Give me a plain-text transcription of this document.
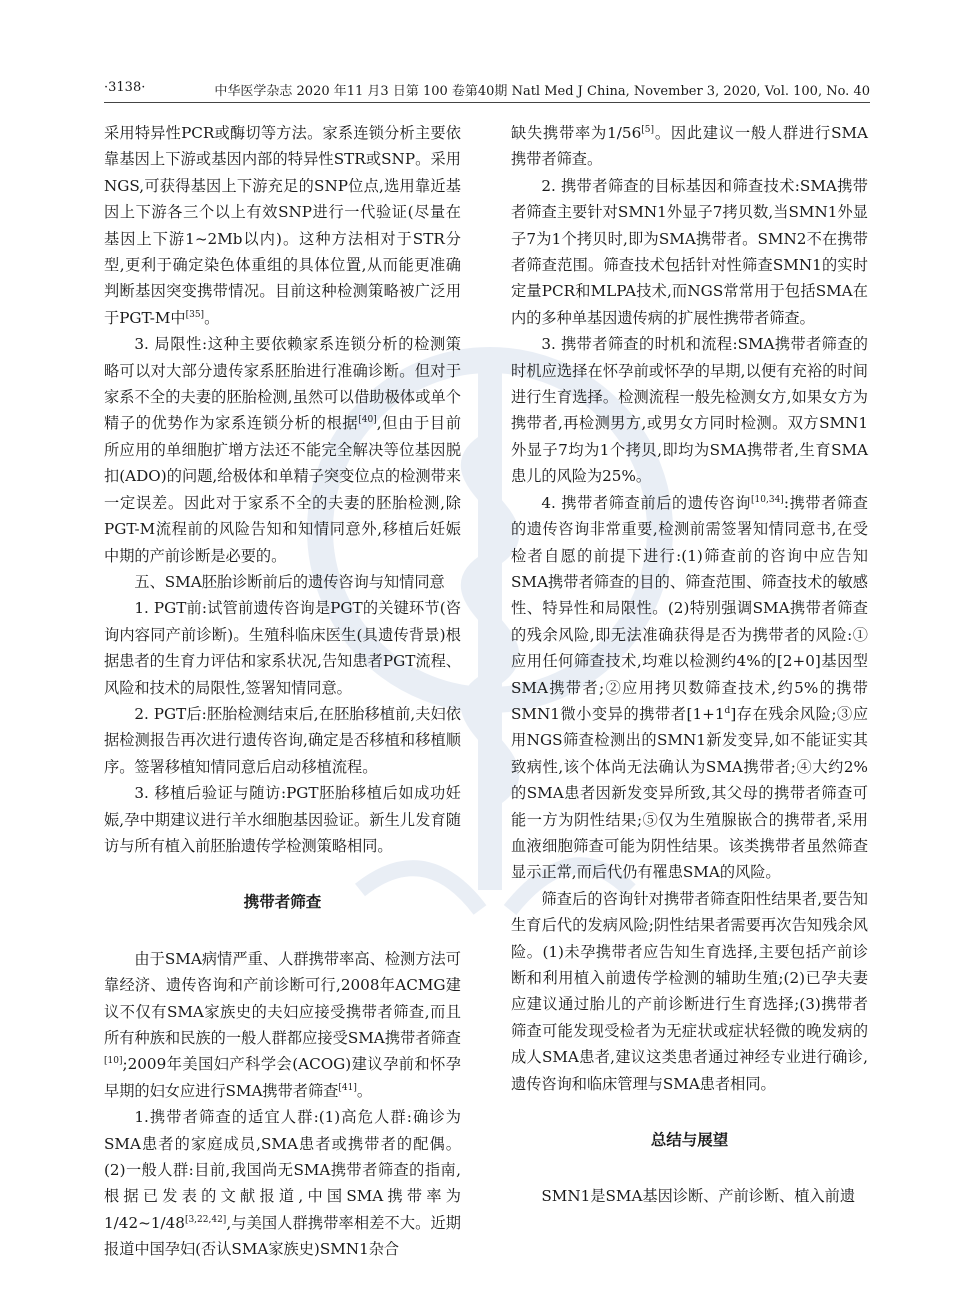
·3138·	中华医学杂志 2020 年11 月3 日第 100 卷第40期 Natl Med J China, November 3, 2020, Vol. 100, No. 40

采用特异性PCR或酶切等方法。家系连锁分析主要依靠基因上下游或基因内部的特异性STR或SNP。采用NGS,可获得基因上下游充足的SNP位点,选用靠近基因上下游各三个以上有效SNP进行一代验证(尽量在基因上下游1~2Mb以内)。这种方法相对于STR分型,更利于确定染色体重组的具体位置,从而能更准确判断基因突变携带情况。目前这种检测策略被广泛用于PGT-M中[35]。

3. 局限性:这种主要依赖家系连锁分析的检测策略可以对大部分遗传家系胚胎进行准确诊断。但对于家系不全的夫妻的胚胎检测,虽然可以借助极体或单个精子的优势作为家系连锁分析的根据[40],但由于目前所应用的单细胞扩增方法还不能完全解决等位基因脱扣(ADO)的问题,给极体和单精子突变位点的检测带来一定误差。因此对于家系不全的夫妻的胚胎检测,除PGT-M流程前的风险告知和知情同意外,移植后妊娠中期的产前诊断是必要的。

五、SMA胚胎诊断前后的遗传咨询与知情同意

1. PGT前:试管前遗传咨询是PGT的关键环节(咨询内容同产前诊断)。生殖科临床医生(具遗传背景)根据患者的生育力评估和家系状况,告知患者PGT流程、风险和技术的局限性,签署知情同意。

2. PGT后:胚胎检测结束后,在胚胎移植前,夫妇依据检测报告再次进行遗传咨询,确定是否移植和移植顺序。签署移植知情同意后启动移植流程。

3. 移植后验证与随访:PGT胚胎移植后如成功妊娠,孕中期建议进行羊水细胞基因验证。新生儿发育随访与所有植入前胚胎遗传学检测策略相同。

携带者筛查

由于SMA病情严重、人群携带率高、检测方法可靠经济、遗传咨询和产前诊断可行,2008年ACMG建议不仅有SMA家族史的夫妇应接受携带者筛查,而且所有种族和民族的一般人群都应接受SMA携带者筛查[10];2009年美国妇产科学会(ACOG)建议孕前和怀孕早期的妇女应进行SMA携带者筛查[41]。

1.携带者筛查的适宜人群:(1)高危人群:确诊为SMA患者的家庭成员,SMA患者或携带者的配偶。(2)一般人群:目前,我国尚无SMA携带者筛查的指南,根据已发表的文献报道,中国SMA携带率为1/42~1/48[3,22,42],与美国人群携带率相差不大。近期报道中国孕妇(否认SMA家族史)SMN1杂合

缺失携带率为1/56[5]。因此建议一般人群进行SMA携带者筛查。

2. 携带者筛查的目标基因和筛查技术:SMA携带者筛查主要针对SMN1外显子7拷贝数,当SMN1外显子7为1个拷贝时,即为SMA携带者。SMN2不在携带者筛查范围。筛查技术包括针对性筛查SMN1的实时定量PCR和MLPA技术,而NGS常常用于包括SMA在内的多种单基因遗传病的扩展性携带者筛查。

3. 携带者筛查的时机和流程:SMA携带者筛查的时机应选择在怀孕前或怀孕的早期,以便有充裕的时间进行生育选择。检测流程一般先检测女方,如果女方为携带者,再检测男方,或男女方同时检测。双方SMN1外显子7均为1个拷贝,即均为SMA携带者,生育SMA患儿的风险为25%。

4. 携带者筛查前后的遗传咨询[10,34]:携带者筛查的遗传咨询非常重要,检测前需签署知情同意书,在受检者自愿的前提下进行:(1)筛查前的咨询中应告知SMA携带者筛查的目的、筛查范围、筛查技术的敏感性、特异性和局限性。(2)特别强调SMA携带者筛查的残余风险,即无法准确获得是否为携带者的风险:① 应用任何筛查技术,均难以检测约4%的[2+0]基因型SMA携带者;②应用拷贝数筛查技术,约5%的携带SMN1微小变异的携带者$[1+1^d]$存在残余风险;③应用NGS筛查检测出的SMN1新发变异,如不能证实其致病性,该个体尚无法确认为SMA携带者;④大约2%的SMA患者因新发变异所致,其父母的携带者筛查可能一方为阴性结果;⑤仅为生殖腺嵌合的携带者,采用血液细胞筛查可能为阴性结果。该类携带者虽然筛查显示正常,而后代仍有罹患SMA的风险。

筛查后的咨询针对携带者筛查阳性结果者,要告知生育后代的发病风险;阴性结果者需要再次告知残余风险。(1)未孕携带者应告知生育选择,主要包括产前诊断和利用植入前遗传学检测的辅助生殖;(2)已孕夫妻应建议通过胎儿的产前诊断进行生育选择;(3)携带者筛查可能发现受检者为无症状或症状轻微的晚发病的成人SMA患者,建议这类患者通过神经专业进行确诊,遗传咨询和临床管理与SMA患者相同。

总结与展望

SMN1是SMA基因诊断、产前诊断、植入前遗
